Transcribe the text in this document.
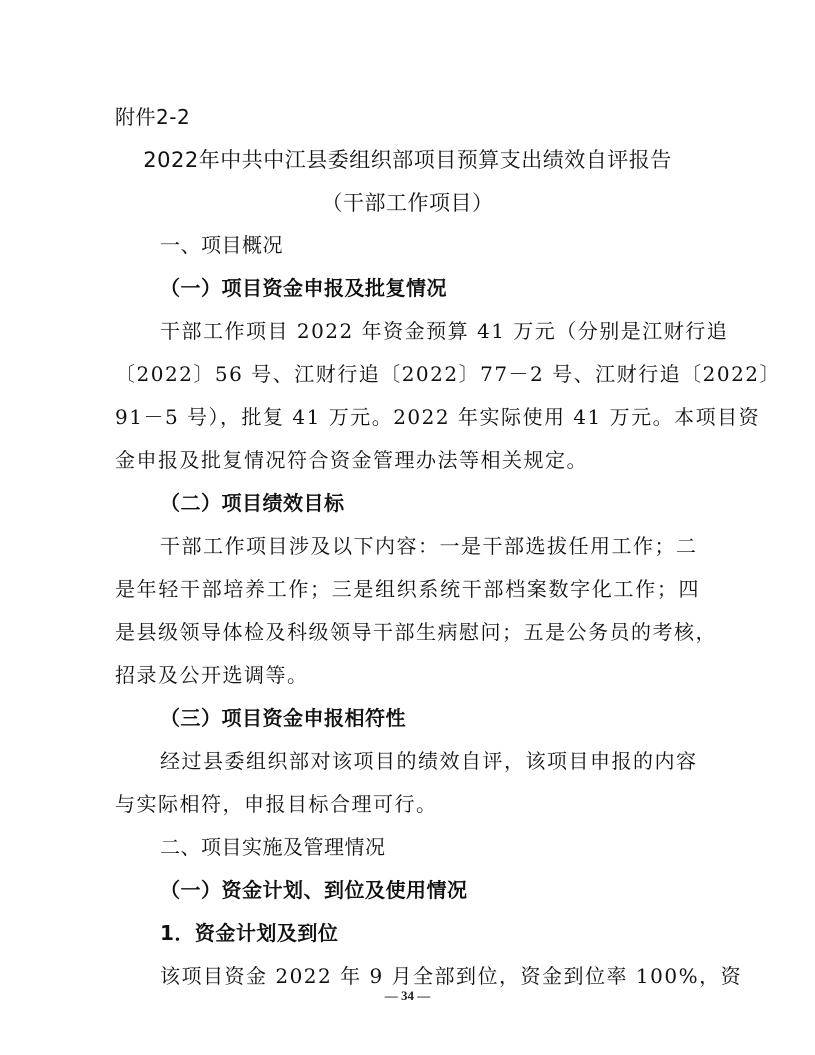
附件2-2
2022年中共中江县委组织部项目预算支出绩效自评报告
（干部工作项目）
一、项目概况
（一）项目资金申报及批复情况
干部工作项目 2022 年资金预算 41 万元（分别是江财行追
〔2022〕56 号、江财行追〔2022〕77－2 号、江财行追〔2022〕
91－5 号），批复 41 万元。2022 年实际使用 41 万元。本项目资
金申报及批复情况符合资金管理办法等相关规定。
（二）项目绩效目标
干部工作项目涉及以下内容：一是干部选拔任用工作；二
是年轻干部培养工作；三是组织系统干部档案数字化工作；四
是县级领导体检及科级领导干部生病慰问；五是公务员的考核，
招录及公开选调等。
（三）项目资金申报相符性
经过县委组织部对该项目的绩效自评，该项目申报的内容
与实际相符，申报目标合理可行。
二、项目实施及管理情况
（一）资金计划、到位及使用情况
1．资金计划及到位
该项目资金 2022 年 9 月全部到位，资金到位率 100%，资
— 34 —
